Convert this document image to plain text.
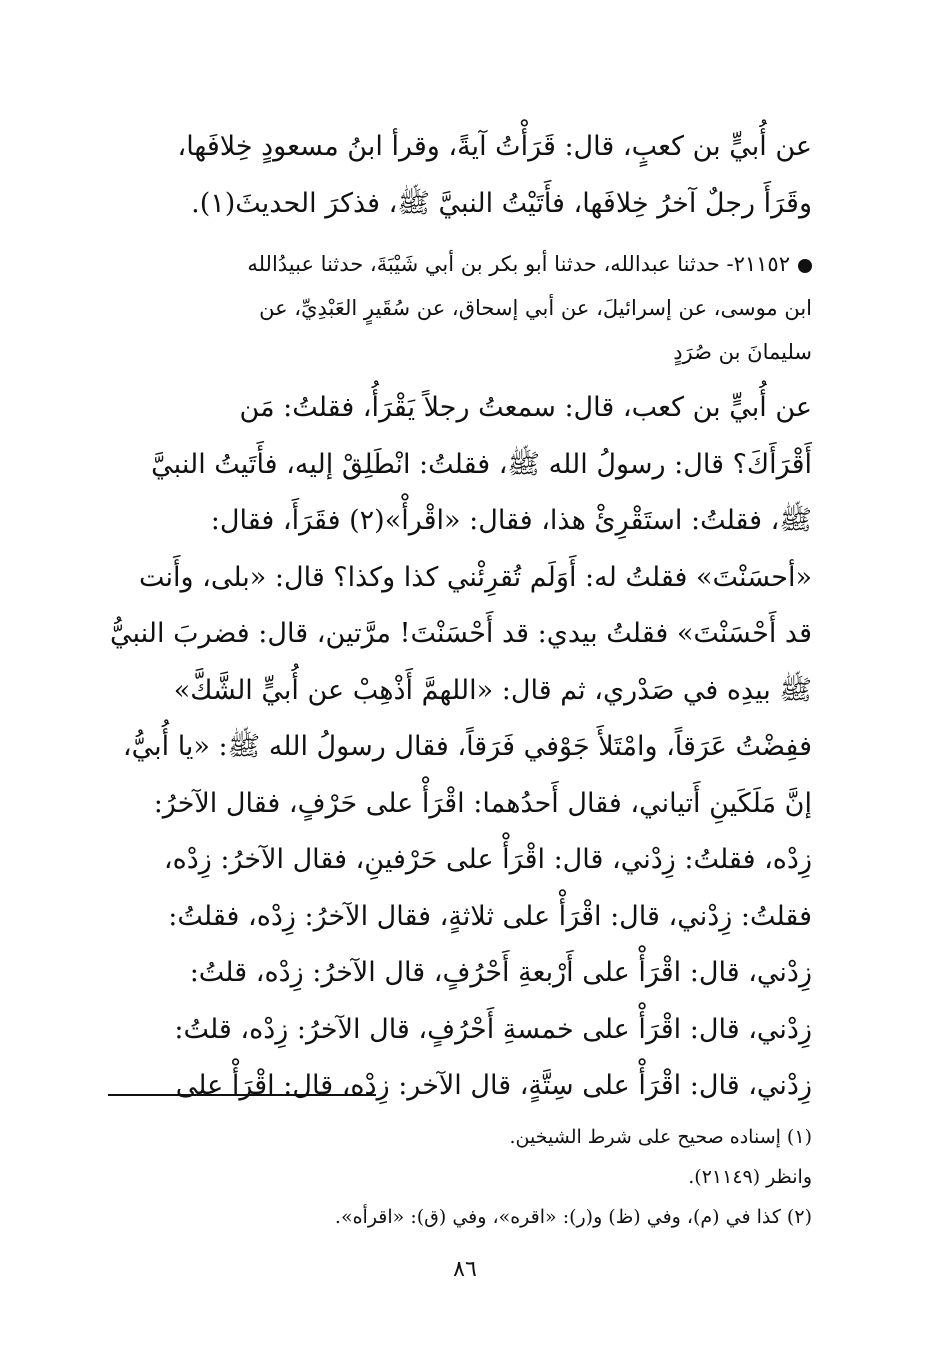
عن أُبيٍّ بن كعبٍ، قال: قَرَأْتُ آيةً، وقرأ ابنُ مسعودٍ خِلافَها،
وقَرَأَ رجلٌ آخرُ خِلافَها، فأَتَيْتُ النبيَّ ﷺ، فذكرَ الحديثَ(١).
٢١١٥٢- حدثنا عبدالله، حدثنا أبو بكر بن أبي شَيْبَةَ، حدثنا عبيدُالله
ابن موسى، عن إسرائيلَ، عن أبي إسحاق، عن سُقَيرٍ العَبْدِيِّ، عن
سليمانَ بن صُرَدٍ
عن أُبيٍّ بن كعب، قال: سمعتُ رجلاً يَقْرَأُ، فقلتُ: مَن
أَقْرَأَكَ؟ قال: رسولُ الله ﷺ، فقلتُ: انْطَلِقْ إليه، فأَتَيتُ النبيَّ
ﷺ، فقلتُ: استَقْرِئْ هذا، فقال: «اقْرأْ»(٢) فقَرَأَ، فقال:
«أحسَنْتَ» فقلتُ له: أَوَلَم تُقرِئْني كذا وكذا؟ قال: «بلى، وأَنت
قد أَحْسَنْتَ» فقلتُ بيدي: قد أَحْسَنْتَ! مرَّتين، قال: فضربَ النبيُّ
ﷺ بيدِه في صَدْري، ثم قال: «اللهمَّ أَذْهِبْ عن أُبيٍّ الشَّكَّ»
ففِضْتُ عَرَقاً، وامْتَلأَ جَوْفي فَرَقاً، فقال رسولُ الله ﷺ: «يا أُبيُّ،
إنَّ مَلَكَينِ أَتياني، فقال أَحدُهما: اقْرَأْ على حَرْفٍ، فقال الآخرُ:
زِدْه، فقلتُ: زِدْني، قال: اقْرَأْ على حَرْفينِ، فقال الآخرُ: زِدْه،
فقلتُ: زِدْني، قال: اقْرَأْ على ثلاثةٍ، فقال الآخرُ: زِدْه، فقلتُ:
زِدْني، قال: اقْرَأْ على أَرْبعةِ أَحْرُفٍ، قال الآخرُ: زِدْه، قلتُ:
زِدْني، قال: اقْرَأْ على خمسةِ أَحْرُفٍ، قال الآخرُ: زِدْه، قلتُ:
زِدْني، قال: اقْرَأْ على سِتَّةٍ، قال الآخر: زِدْه، قال: اقْرَأْ على
(١) إسناده صحيح على شرط الشيخين.
وانظر (٢١١٤٩).
(٢) كذا في (م)، وفي (ظ) و(ر): «اقره»، وفي (ق): «اقرأه».
٨٦
